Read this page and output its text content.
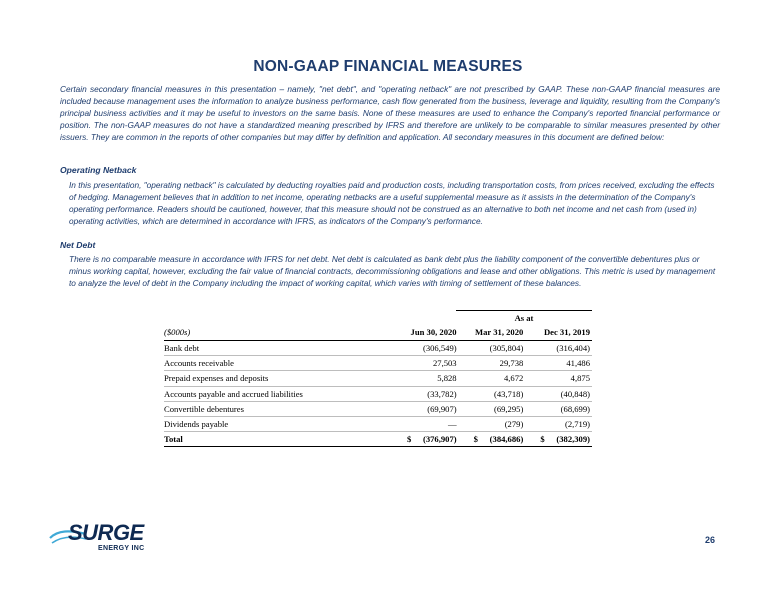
NON-GAAP FINANCIAL MEASURES
Certain secondary financial measures in this presentation – namely, "net debt", and "operating netback" are not prescribed by GAAP. These non-GAAP financial measures are included because management uses the information to analyze business performance, cash flow generated from the business, leverage and liquidity, resulting from the Company's principal business activities and it may be useful to investors on the same basis. None of these measures are used to enhance the Company's reported financial performance or position. The non-GAAP measures do not have a standardized meaning prescribed by IFRS and therefore are unlikely to be comparable to similar measures presented by other issuers. They are common in the reports of other companies but may differ by definition and application. All secondary measures in this document are defined below:
Operating Netback
In this presentation, "operating netback" is calculated by deducting royalties paid and production costs, including transportation costs, from prices received, excluding the effects of hedging. Management believes that in addition to net income, operating netbacks are a useful supplemental measure as it assists in the determination of the Company's operating performance. Readers should be cautioned, however, that this measure should not be construed as an alternative to both net income and net cash from (used in) operating activities, which are determined in accordance with IFRS, as indicators of the Company's performance.
Net Debt
There is no comparable measure in accordance with IFRS for net debt. Net debt is calculated as bank debt plus the liability component of the convertible debentures plus or minus working capital, however, excluding the fair value of financial contracts, decommissioning obligations and lease and other obligations. This metric is used by management to analyze the level of debt in the Company including the impact of working capital, which varies with timing of settlement of these balances.
As at
($000s)	Jun 30, 2020	Mar 31, 2020	Dec 31, 2019
Bank debt	(306,549)	(305,804)	(316,404)
Accounts receivable	27,503	29,738	41,486
Prepaid expenses and deposits	5,828	4,672	4,875
Accounts payable and accrued liabilities	(33,782)	(43,718)	(40,848)
Convertible debentures	(69,907)	(69,295)	(68,699)
Dividends payable	—	(279)	(2,719)
Total	$ (376,907)	$ (384,686)	$ (382,309)
SURGE
ENERGY INC
26
